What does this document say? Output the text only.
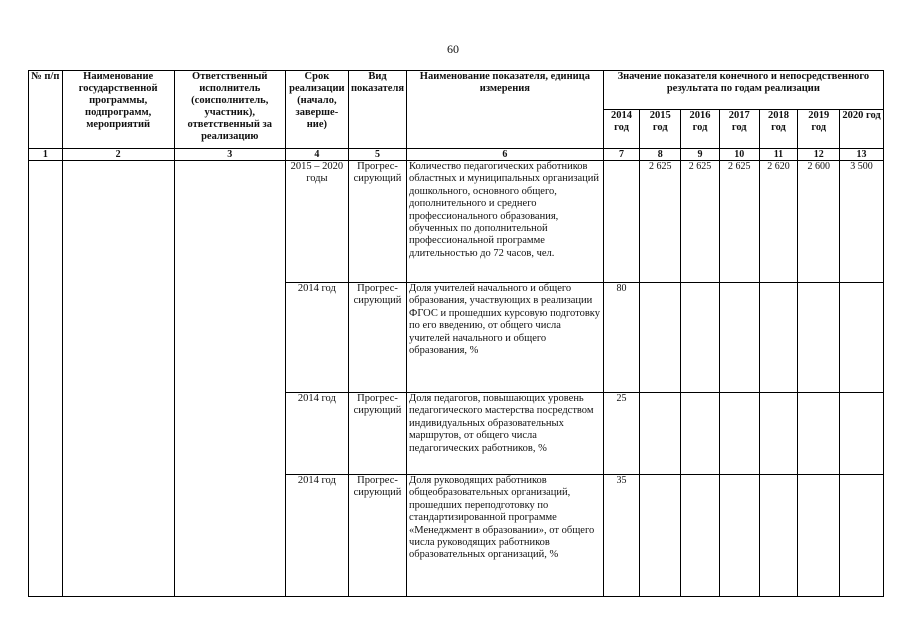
60
№ п/п	Наименование государственной программы, подпрограмм, мероприятий	Ответственный исполнитель (соисполнитель, участник), ответственный за реализацию	Срок реализации (начало, заверше-ние)	Вид показателя	Наименование показателя, единица измерения	Значение показателя конечного и непосредственного результата по годам реализации						
						2014 год	2015 год	2016 год	2017 год	2018 год	2019 год	2020 год
1	2	3	4	5	6	7	8	9	10	11	12	13
			2015 – 2020 годы	Прогрес-сирующий	Количество педагогических работников областных и муниципальных организаций дошкольного, основного общего, дополнительного и среднего профессионального образования, обученных по дополнительной профессиональной программе длительностью до 72 часов, чел.		2 625	2 625	2 625	2 620	2 600	3 500
			2014 год	Прогрес-сирующий	Доля учителей начального и общего образования, участвующих в реализации ФГОС и прошедших курсовую подготовку по его введению, от общего числа учителей начального и общего образования, %	80						
			2014 год	Прогрес-сирующий	Доля педагогов, повышающих уровень педагогического мастерства посредством индивидуальных образовательных маршрутов, от общего числа педагогических работников, %	25						
			2014 год	Прогрес-сирующий	Доля руководящих работников общеобразовательных организаций, прошедших переподготовку по стандартизированной программе «Менеджмент в образовании», от общего числа руководящих работников образовательных организаций, %	35						
